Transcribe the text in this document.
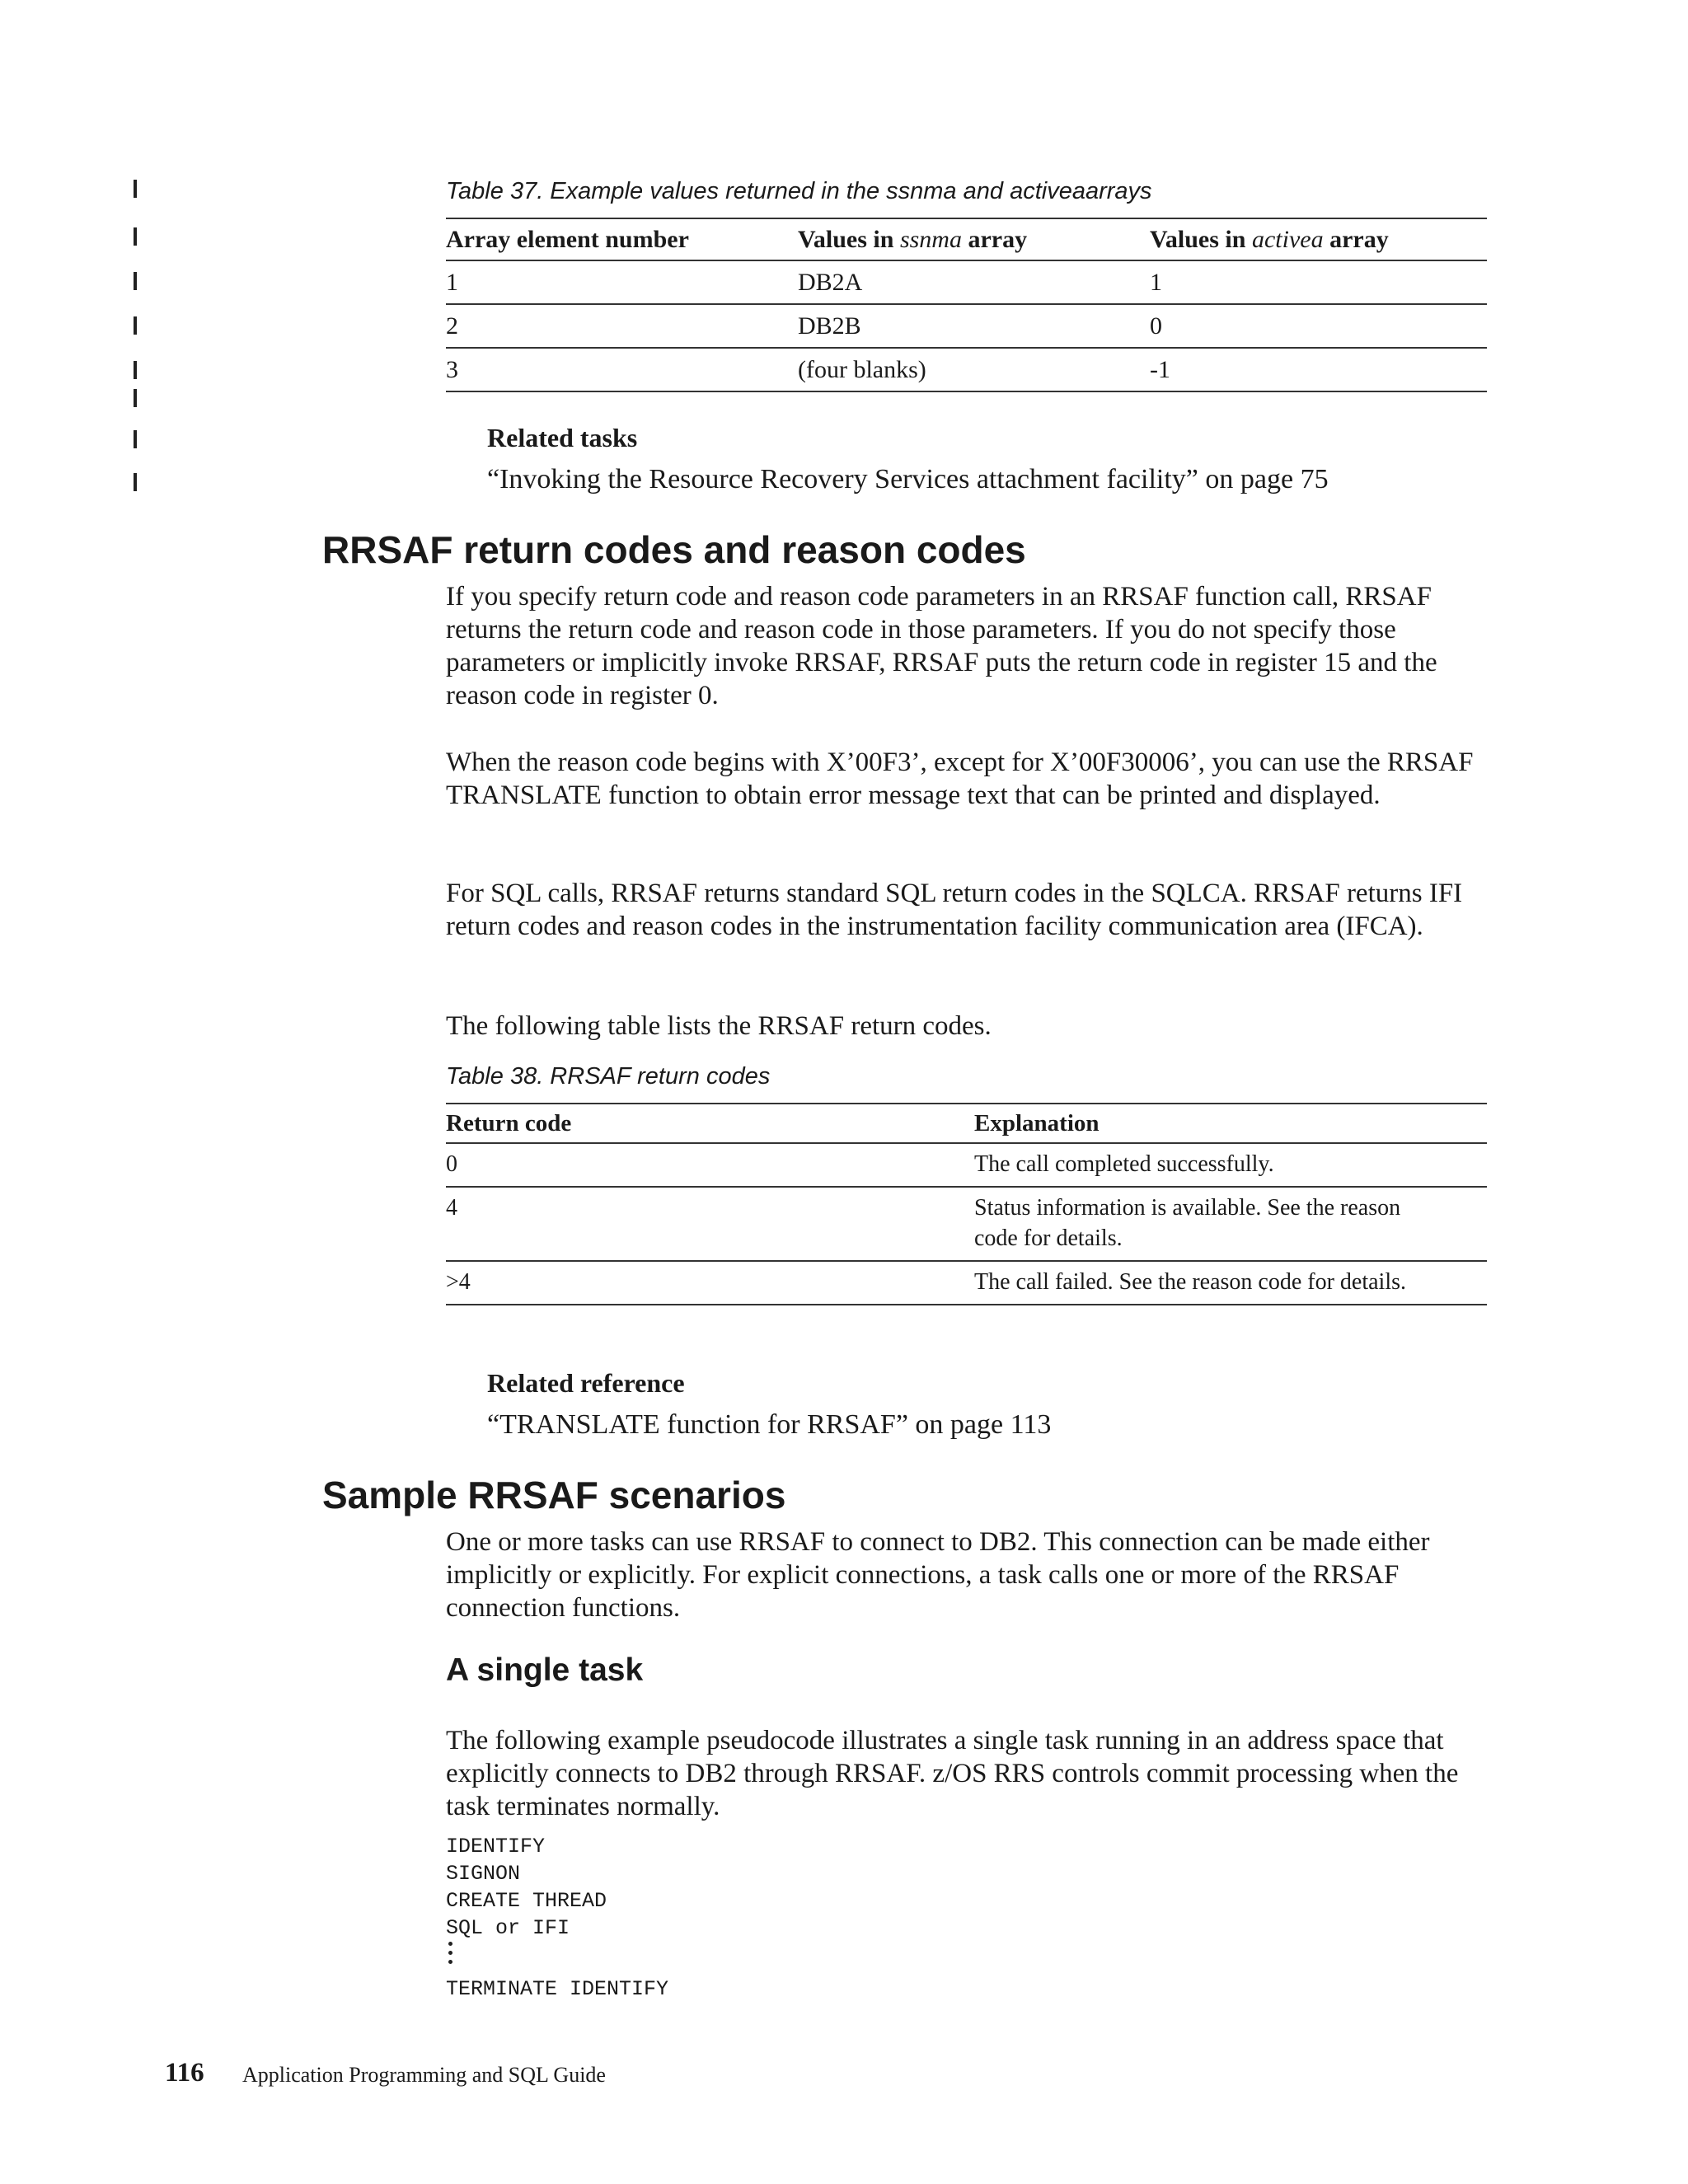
Table 37. Example values returned in the ssnma and activeaarrays
Array element number	Values in ssnma array	Values in activea array
1	DB2A	1
2	DB2B	0
3	(four blanks)	-1
Related tasks
“Invoking the Resource Recovery Services attachment facility” on page 75
RRSAF return codes and reason codes

If you specify return code and reason code parameters in an RRSAF function call, RRSAF returns the return code and reason code in those parameters. If you do not specify those parameters or implicitly invoke RRSAF, RRSAF puts the return code in register 15 and the reason code in register 0.

When the reason code begins with X’00F3’, except for X’00F30006’, you can use the RRSAF TRANSLATE function to obtain error message text that can be printed and displayed.

For SQL calls, RRSAF returns standard SQL return codes in the SQLCA. RRSAF returns IFI return codes and reason codes in the instrumentation facility communication area (IFCA).

The following table lists the RRSAF return codes.

Table 38. RRSAF return codes
Return code	Explanation
0	The call completed successfully.
4	Status information is available. See the reason code for details.
>4	The call failed. See the reason code for details.
Related reference
“TRANSLATE function for RRSAF” on page 113
Sample RRSAF scenarios

One or more tasks can use RRSAF to connect to DB2. This connection can be made either implicitly or explicitly. For explicit connections, a task calls one or more of the RRSAF connection functions.

A single task

The following example pseudocode illustrates a single task running in an address space that explicitly connects to DB2 through RRSAF. z/OS RRS controls commit processing when the task terminates normally.

IDENTIFY
SIGNON
CREATE THREAD
SQL or IFI
TERMINATE IDENTIFY
116 Application Programming and SQL Guide
